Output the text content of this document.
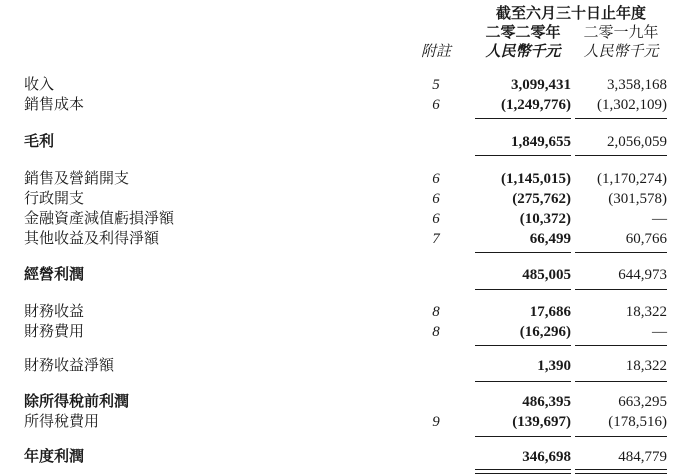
截至六月三十日止年度
二零二零年	二零一九年
附註	人民幣千元	人民幣千元
收入	5	3,099,431 3,358,168
銷售成本	6	(1,249,776) (1,302,109)
毛利	1,849,655 2,056,059
銷售及營銷開支	6	(1,145,015) (1,170,274)
行政開支	6	(275,762) (301,578)
金融資產減值虧損淨額	6	(10,372)	—
其他收益及利得淨額	7	66,499	60,766
經營利潤	485,005	644,973
財務收益	8	17,686	18,322
財務費用	8	(16,296)	—
財務收益淨額	1,390	18,322
除所得稅前利潤	486,395	663,295
所得稅費用	9	(139,697) (178,516)
年度利潤	346,698	484,779
